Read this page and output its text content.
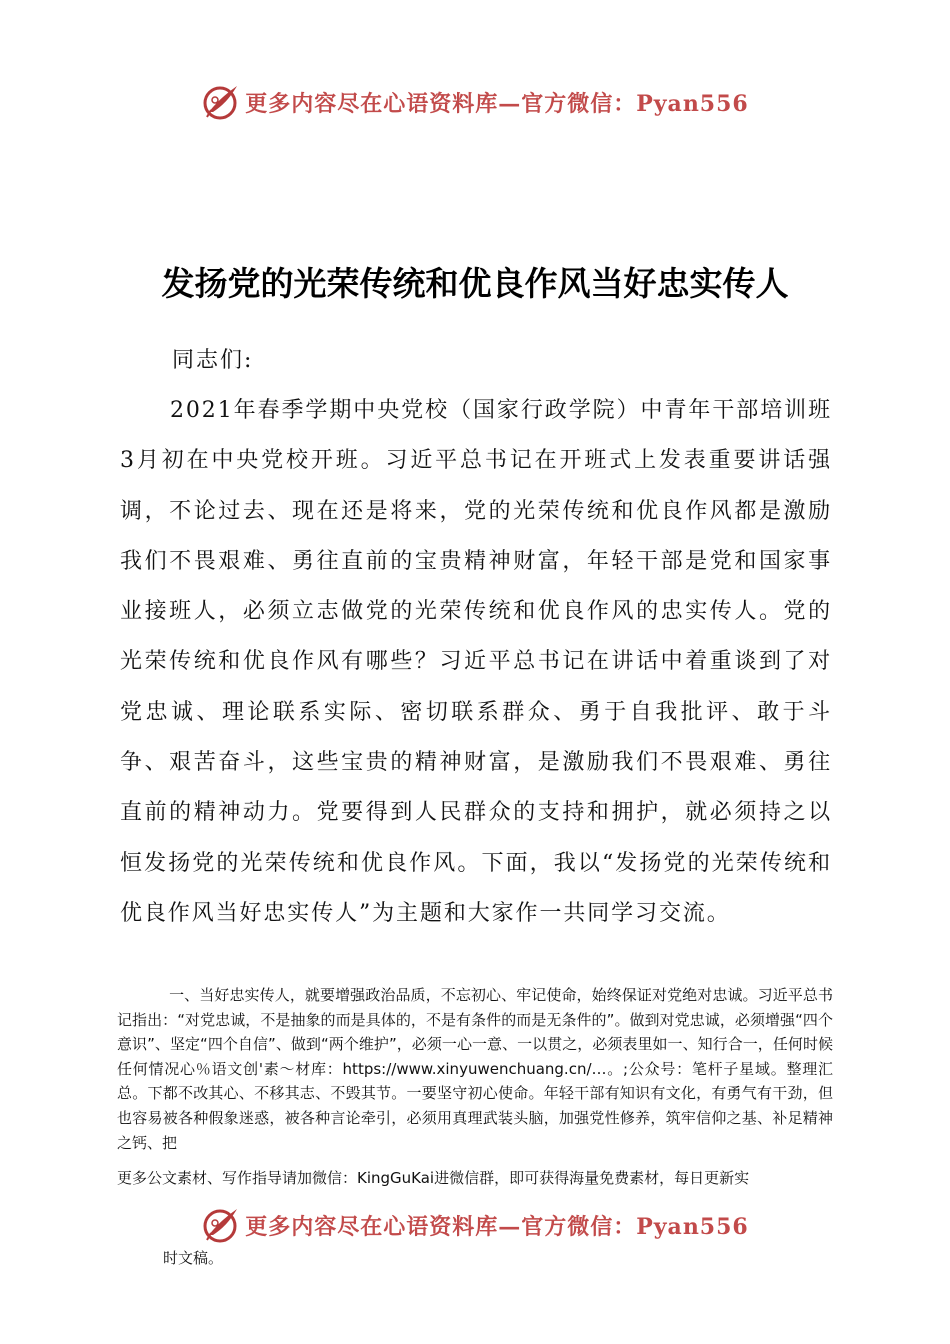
更多内容尽在心语资料库—官方微信：Pyan556
发扬党的光荣传统和优良作风当好忠实传人
同志们:
2021年春季学期中央党校（国家行政学院）中青年干部培训班3月初在中央党校开班。习近平总书记在开班式上发表重要讲话强调，不论过去、现在还是将来，党的光荣传统和优良作风都是激励我们不畏艰难、勇往直前的宝贵精神财富，年轻干部是党和国家事业接班人，必须立志做党的光荣传统和优良作风的忠实传人。党的光荣传统和优良作风有哪些？习近平总书记在讲话中着重谈到了对党忠诚、理论联系实际、密切联系群众、勇于自我批评、敢于斗争、艰苦奋斗，这些宝贵的精神财富，是激励我们不畏艰难、勇往直前的精神动力。党要得到人民群众的支持和拥护，就必须持之以恒发扬党的光荣传统和优良作风。下面，我以“发扬党的光荣传统和优良作风当好忠实传人”为主题和大家作一共同学习交流。
一、当好忠实传人，就要增强政治品质，不忘初心、牢记使命，始终保证对党绝对忠诚。习近平总书记指出：“对党忠诚，不是抽象的而是具体的，不是有条件的而是无条件的”。做到对党忠诚，必须增强“四个意识”、坚定“四个自信”、做到“两个维护”，必须一心一意、一以贯之，必须表里如一、知行合一，任何时候任何情况心％语文创'素～材库：https://www.xinyuwenchuang.cn/…。;公众号：笔杆子星域。整理汇总。下都不改其心、不移其志、不毁其节。一要坚守初心使命。年轻干部有知识有文化，有勇气有干劲，但也容易被各种假象迷惑，被各种言论牵引，必须用真理武装头脑，加强党性修养，筑牢信仰之基、补足精神之钙、把
更多公文素材、写作指导请加微信：KingGuKai进微信群，即可获得海量免费素材，每日更新实
更多内容尽在心语资料库—官方微信：Pyan556
时文稿。
